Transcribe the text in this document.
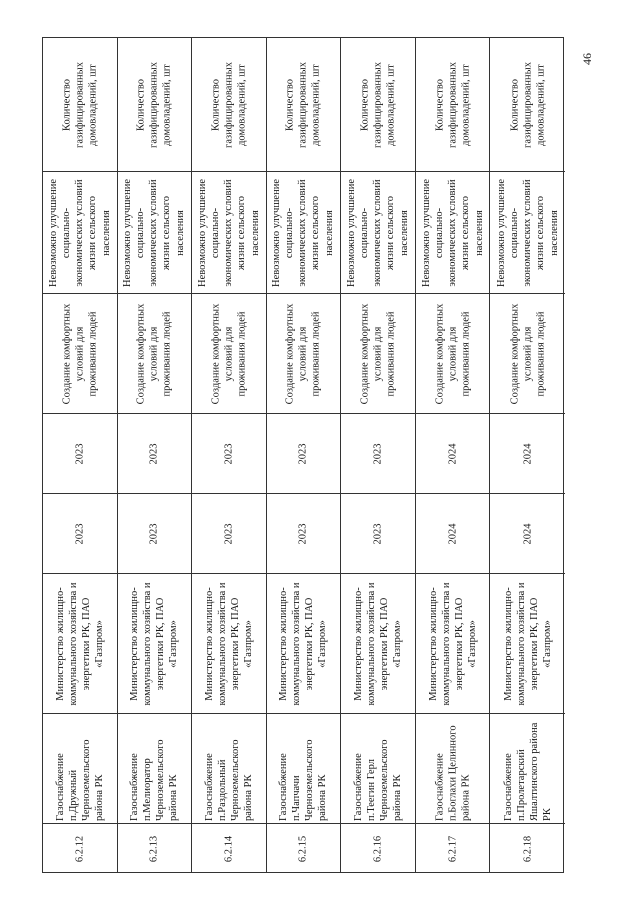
46
Количество газифицированных домовладений, шт
Невозможно улучшение социально-экономических условий жизни сельского населения
Создание комфортных условий для проживания людей
2023
2023
Министерство жилищно-коммунального хозяйства и энергетики РК, ПАО «Газпром»
Газоснабжение п.Дружный Черноземельского района РК
6.2.12
Количество газифицированных домовладений, шт
Невозможно улучшение социально-экономических условий жизни сельского населения
Создание комфортных условий для проживания людей
2023
2023
Министерство жилищно-коммунального хозяйства и энергетики РК, ПАО «Газпром»
Газоснабжение п.Мелиоратор Черноземельского района РК
6.2.13
Количество газифицированных домовладений, шт
Невозможно улучшение социально-экономических условий жизни сельского населения
Создание комфортных условий для проживания людей
2023
2023
Министерство жилищно-коммунального хозяйства и энергетики РК, ПАО «Газпром»
Газоснабжение п.Раздольный Черноземельского района РК
6.2.14
Количество газифицированных домовладений, шт
Невозможно улучшение социально-экономических условий жизни сельского населения
Создание комфортных условий для проживания людей
2023
2023
Министерство жилищно-коммунального хозяйства и энергетики РК, ПАО «Газпром»
Газоснабжение п.Чапчачи Черноземельского района РК
6.2.15
Количество газифицированных домовладений, шт
Невозможно улучшение социально-экономических условий жизни сельского населения
Создание комфортных условий для проживания людей
2023
2023
Министерство жилищно-коммунального хозяйства и энергетики РК, ПАО «Газпром»
Газоснабжение п.Теегин Герл Черноземельского района РК
6.2.16
Количество газифицированных домовладений, шт
Невозможно улучшение социально-экономических условий жизни сельского населения
Создание комфортных условий для проживания людей
2024
2024
Министерство жилищно-коммунального хозяйства и энергетики РК, ПАО «Газпром»
Газоснабжение п.Боглахи Целинного района РК
6.2.17
Количество газифицированных домовладений, шт
Невозможно улучшение социально-экономических условий жизни сельского населения
Создание комфортных условий для проживания людей
2024
2024
Министерство жилищно-коммунального хозяйства и энергетики РК, ПАО «Газпром»
Газоснабжение п.Пролетарский Яшалтинского района РК
6.2.18
